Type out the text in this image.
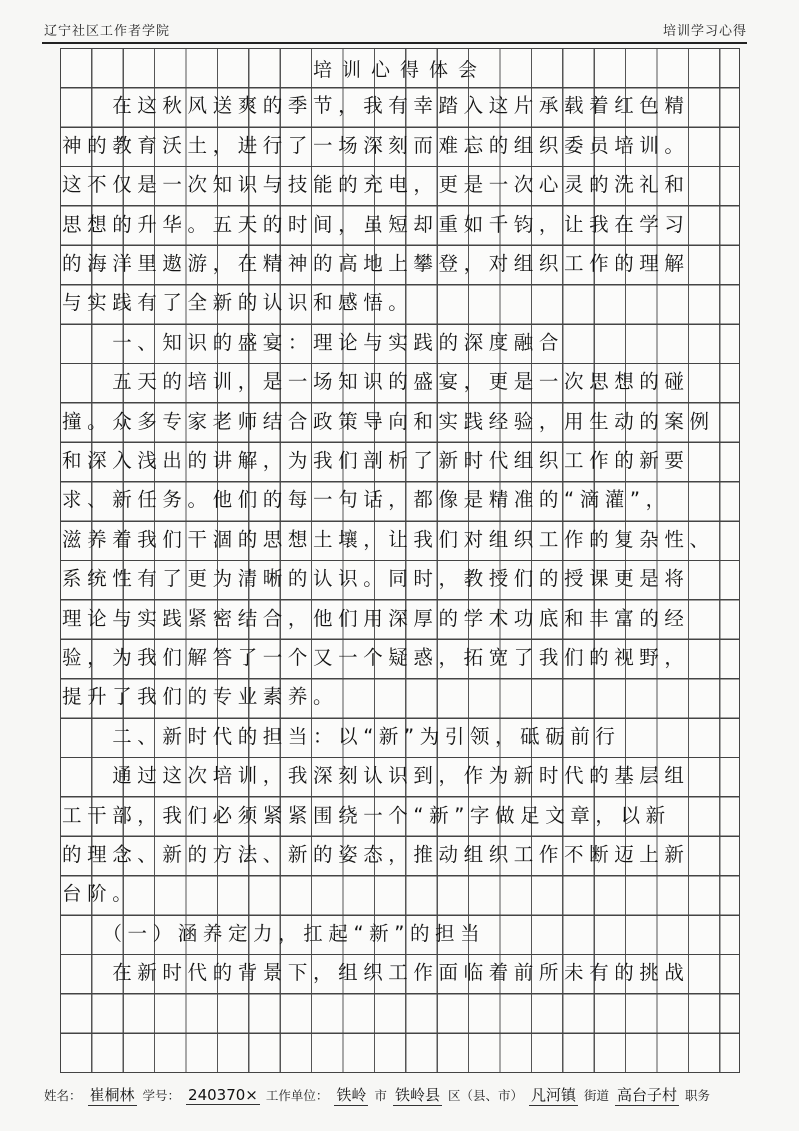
辽宁社区工作者学院	培训学习心得
培训心得体会
　　在这秋风送爽的季节，我有幸踏入这片承载着红色精
神的教育沃土，进行了一场深刻而难忘的组织委员培训。
这不仅是一次知识与技能的充电，更是一次心灵的洗礼和
思想的升华。五天的时间，虽短却重如千钧，让我在学习
的海洋里遨游，在精神的高地上攀登，对组织工作的理解
与实践有了全新的认识和感悟。
　　一、知识的盛宴：理论与实践的深度融合
　　五天的培训，是一场知识的盛宴，更是一次思想的碰
撞。众多专家老师结合政策导向和实践经验，用生动的案例
和深入浅出的讲解，为我们剖析了新时代组织工作的新要
求、新任务。他们的每一句话，都像是精准的“滴灌”，
滋养着我们干涸的思想土壤，让我们对组织工作的复杂性、
系统性有了更为清晰的认识。同时，教授们的授课更是将
理论与实践紧密结合，他们用深厚的学术功底和丰富的经
验，为我们解答了一个又一个疑惑，拓宽了我们的视野，
提升了我们的专业素养。
　　二、新时代的担当：以“新”为引领，砥砺前行
　　通过这次培训，我深刻认识到，作为新时代的基层组
工干部，我们必须紧紧围绕一个“新”字做足文章，以新
的理念、新的方法、新的姿态，推动组织工作不断迈上新
台阶。
　　（一）涵养定力，扛起“新”的担当
　　在新时代的背景下，组织工作面临着前所未有的挑战
姓名： 崔桐林 学号： 240370× 工作单位： 铁岭 市 铁岭县 区（县、市） 凡河镇 街道 高台子村 职务
